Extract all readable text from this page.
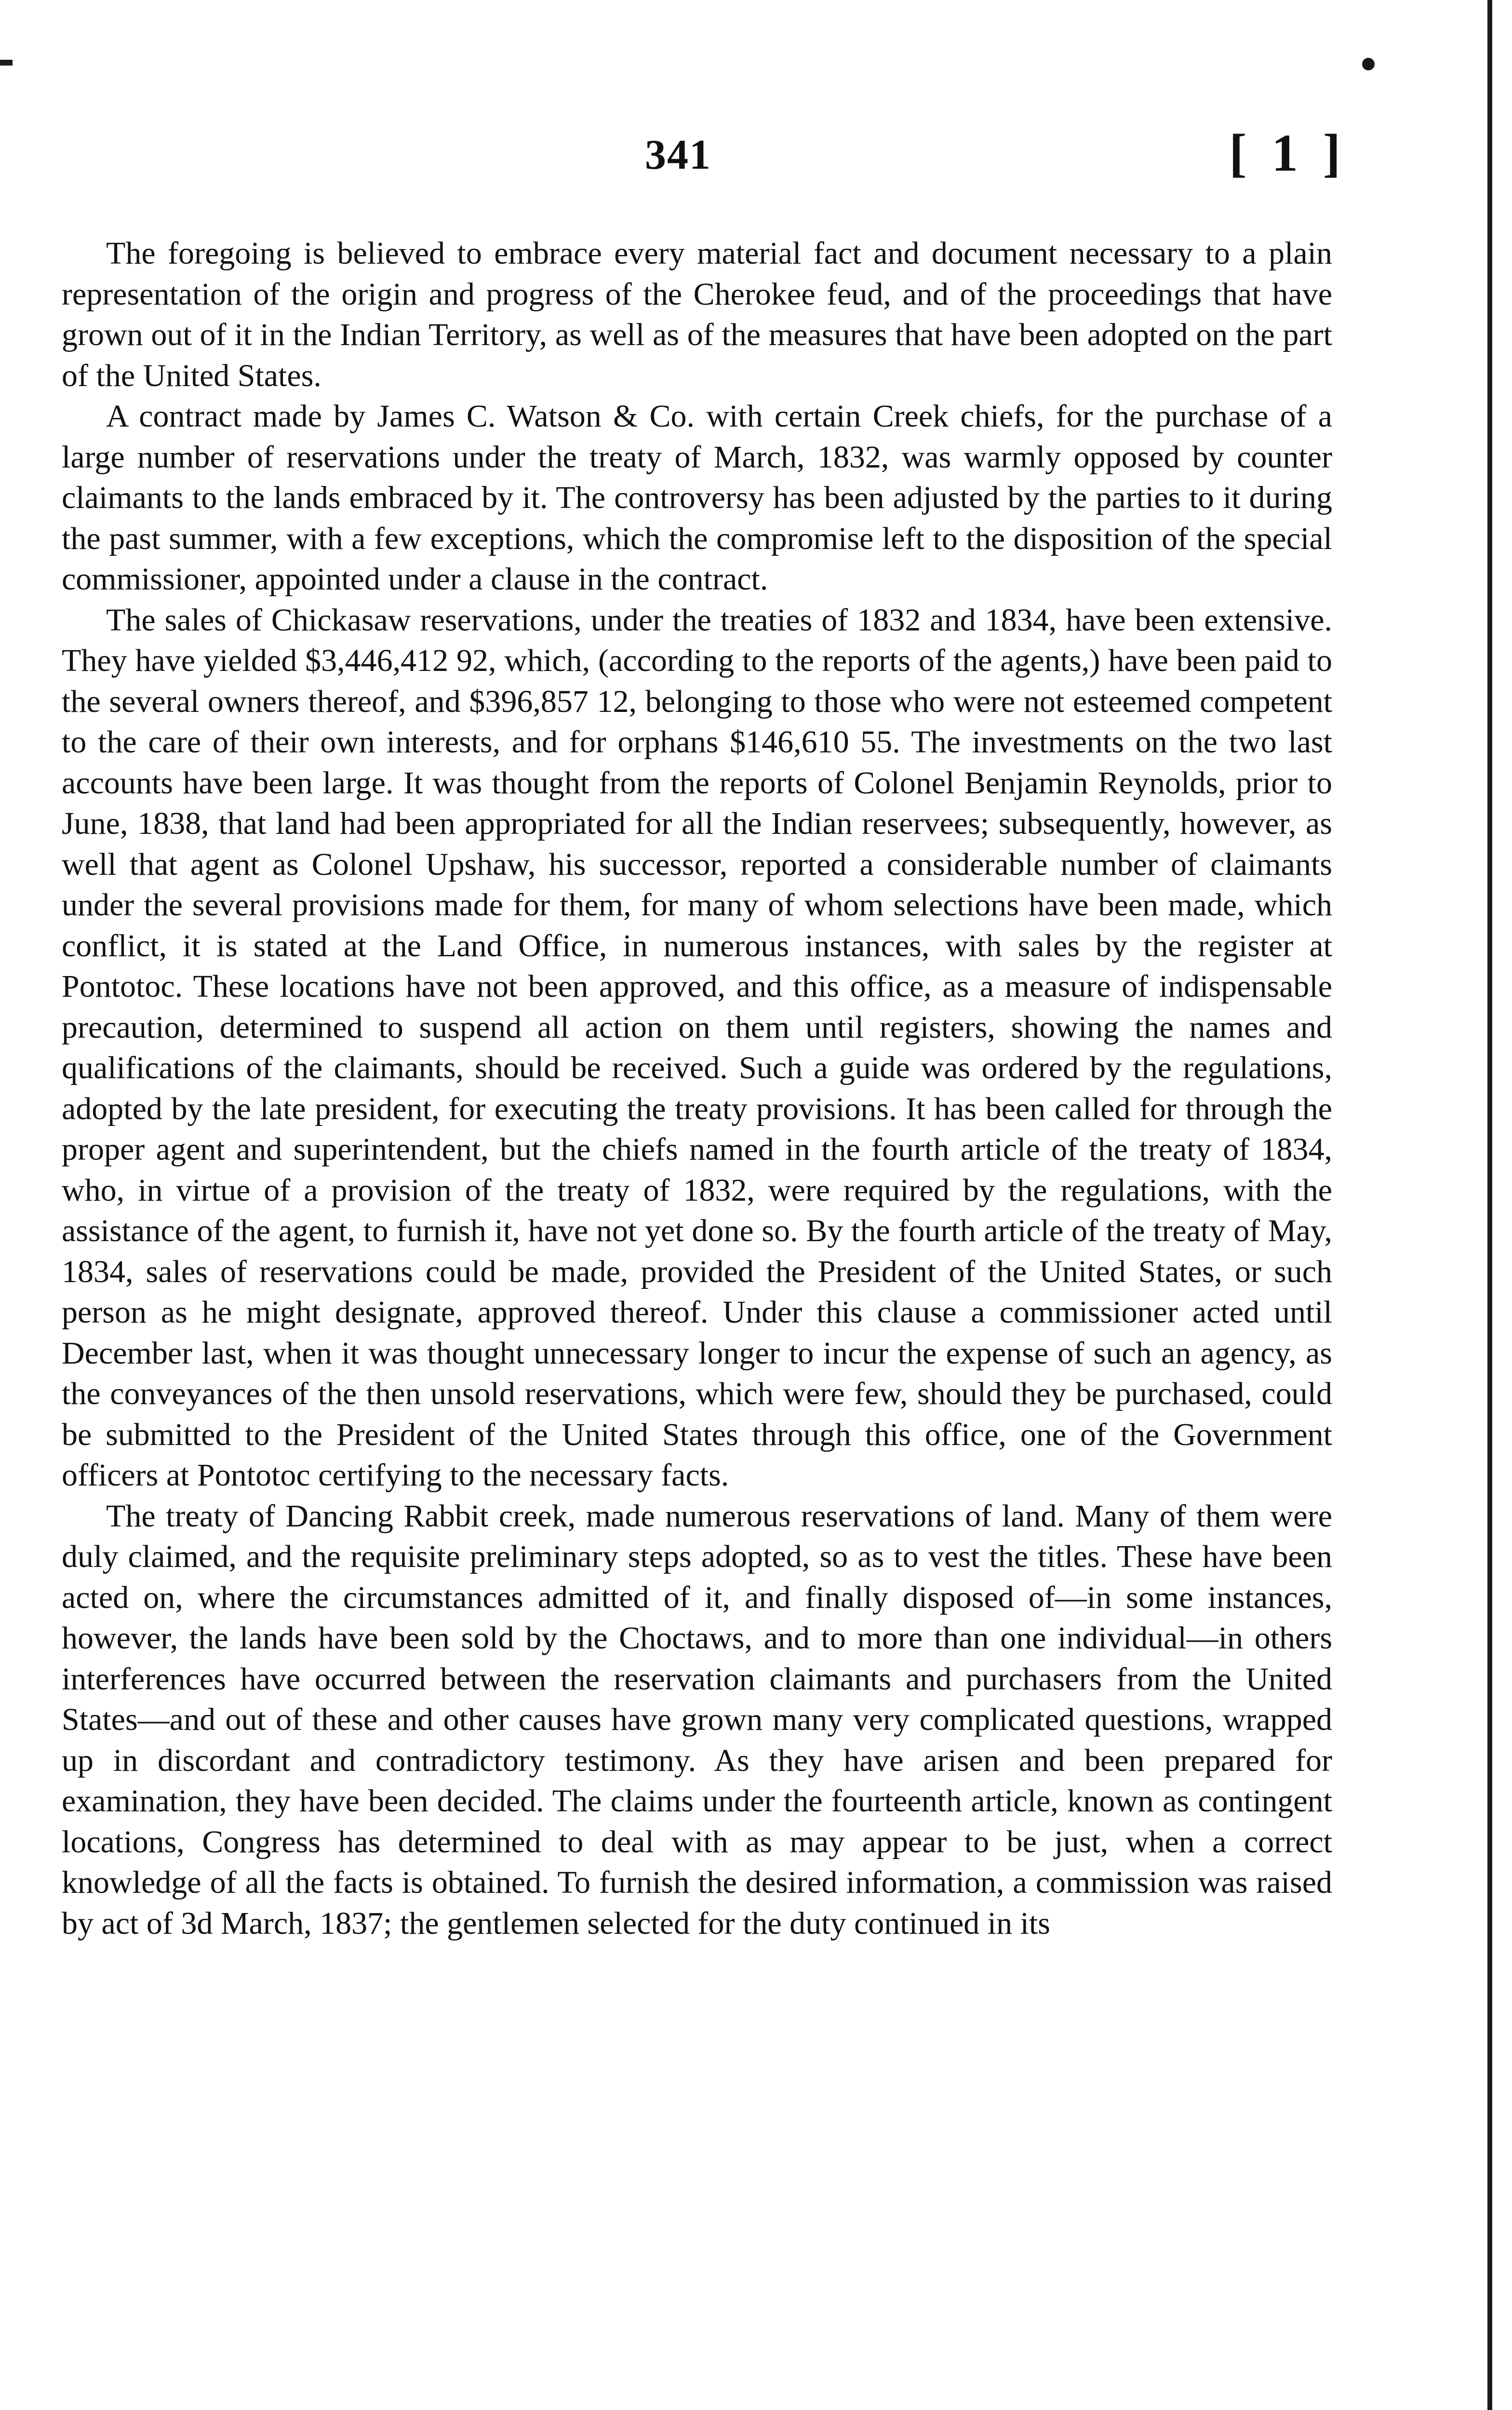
341	[ 1 ]

The foregoing is believed to embrace every material fact and document necessary to a plain representation of the origin and progress of the Cherokee feud, and of the proceedings that have grown out of it in the Indian Territory, as well as of the measures that have been adopted on the part of the United States.

A contract made by James C. Watson & Co. with certain Creek chiefs, for the purchase of a large number of reservations under the treaty of March, 1832, was warmly opposed by counter claimants to the lands embraced by it. The controversy has been adjusted by the parties to it during the past summer, with a few exceptions, which the compromise left to the disposition of the special commissioner, appointed under a clause in the contract.

The sales of Chickasaw reservations, under the treaties of 1832 and 1834, have been extensive. They have yielded $3,446,412 92, which, (according to the reports of the agents,) have been paid to the several owners thereof, and $396,857 12, belonging to those who were not esteemed competent to the care of their own interests, and for orphans $146,610 55. The investments on the two last accounts have been large. It was thought from the reports of Colonel Benjamin Reynolds, prior to June, 1838, that land had been appropriated for all the Indian reservees; subsequently, however, as well that agent as Colonel Upshaw, his successor, reported a considerable number of claimants under the several provisions made for them, for many of whom selections have been made, which conflict, it is stated at the Land Office, in numerous instances, with sales by the register at Pontotoc. These locations have not been approved, and this office, as a measure of indispensable precaution, determined to suspend all action on them until registers, showing the names and qualifications of the claimants, should be received. Such a guide was ordered by the regulations, adopted by the late president, for executing the treaty provisions. It has been called for through the proper agent and superintendent, but the chiefs named in the fourth article of the treaty of 1834, who, in virtue of a provision of the treaty of 1832, were required by the regulations, with the assistance of the agent, to furnish it, have not yet done so. By the fourth article of the treaty of May, 1834, sales of reservations could be made, provided the President of the United States, or such person as he might designate, approved thereof. Under this clause a commissioner acted until December last, when it was thought unnecessary longer to incur the expense of such an agency, as the conveyances of the then unsold reservations, which were few, should they be purchased, could be submitted to the President of the United States through this office, one of the Government officers at Pontotoc certifying to the necessary facts.

The treaty of Dancing Rabbit creek, made numerous reservations of land. Many of them were duly claimed, and the requisite preliminary steps adopted, so as to vest the titles. These have been acted on, where the circumstances admitted of it, and finally disposed of—in some instances, however, the lands have been sold by the Choctaws, and to more than one individual—in others interferences have occurred between the reservation claimants and purchasers from the United States—and out of these and other causes have grown many very complicated questions, wrapped up in discordant and contradictory testimony. As they have arisen and been prepared for examination, they have been decided. The claims under the fourteenth article, known as contingent locations, Congress has determined to deal with as may appear to be just, when a correct knowledge of all the facts is obtained. To furnish the desired information, a commission was raised by act of 3d March, 1837; the gentlemen selected for the duty continued in its
